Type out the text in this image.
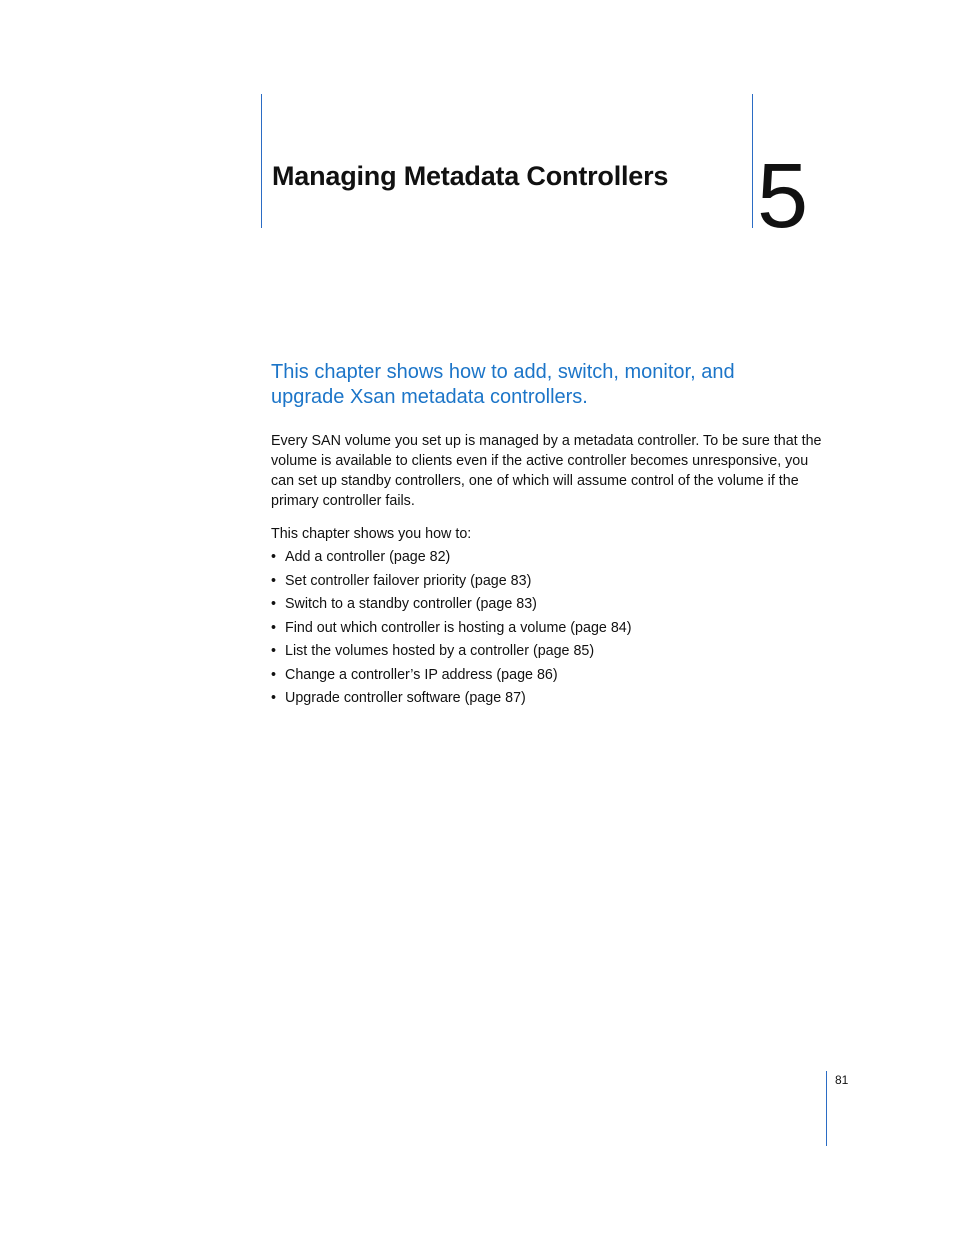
Managing Metadata Controllers 5
This chapter shows how to add, switch, monitor, and upgrade Xsan metadata controllers.

Every SAN volume you set up is managed by a metadata controller. To be sure that the volume is available to clients even if the active controller becomes unresponsive, you can set up standby controllers, one of which will assume control of the volume if the primary controller fails.

This chapter shows you how to:

• Add a controller (page 82)
• Set controller failover priority (page 83)
• Switch to a standby controller (page 83)
• Find out which controller is hosting a volume (page 84)
• List the volumes hosted by a controller (page 85)
• Change a controller’s IP address (page 86)
• Upgrade controller software (page 87)
81
